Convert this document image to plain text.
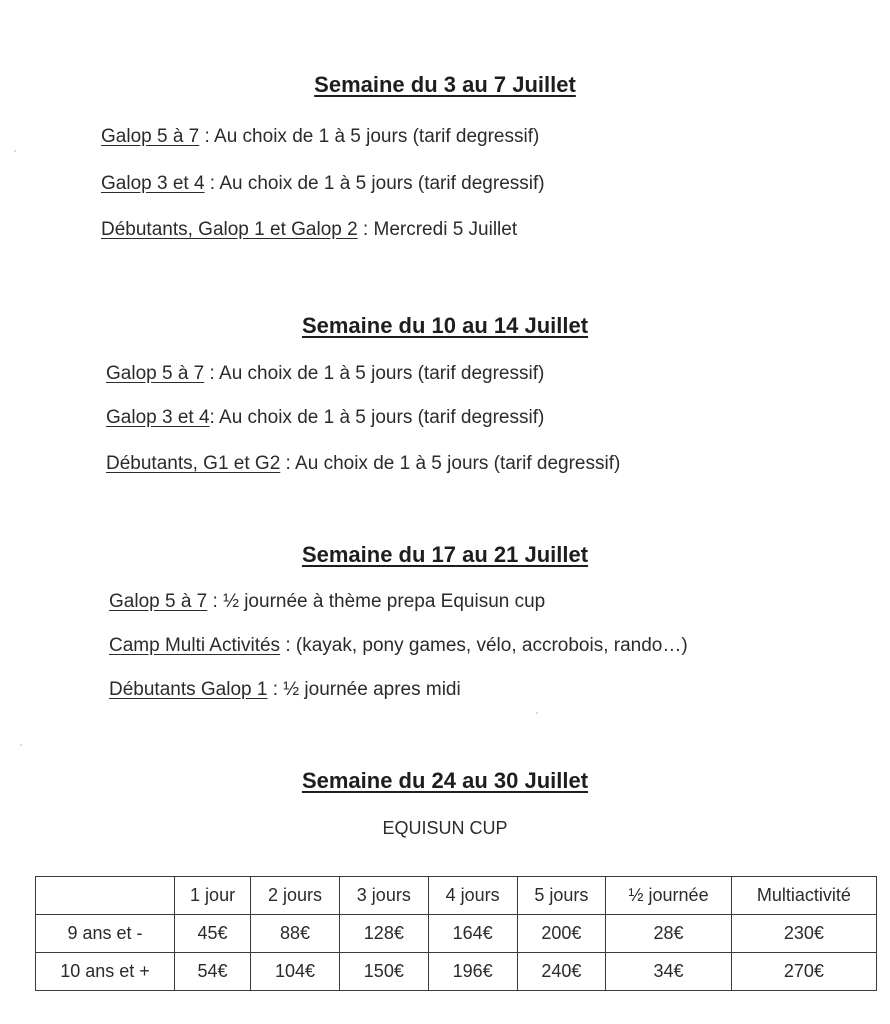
Semaine du 3 au 7 Juillet
Galop 5 à 7 : Au choix de 1 à 5 jours (tarif degressif)
Galop 3 et 4 : Au choix de 1 à 5 jours (tarif degressif)
Débutants, Galop 1 et Galop 2 : Mercredi 5 Juillet
Semaine du 10 au 14 Juillet
Galop 5 à 7 : Au choix de 1 à 5 jours (tarif degressif)
Galop 3 et 4: Au choix de 1 à 5 jours (tarif degressif)
Débutants, G1 et G2 : Au choix de 1 à 5 jours (tarif degressif)
Semaine du 17 au 21 Juillet
Galop 5 à 7 : ½ journée à thème prepa Equisun cup
Camp Multi Activités : (kayak, pony games, vélo, accrobois, rando…)
Débutants Galop 1 : ½ journée apres midi
Semaine du 24 au 30 Juillet
EQUISUN CUP
	1 jour	2 jours	3 jours	4 jours	5 jours	½ journée	Multiactivité
9 ans et -	45€	88€	128€	164€	200€	28€	230€
10 ans et +	54€	104€	150€	196€	240€	34€	270€
